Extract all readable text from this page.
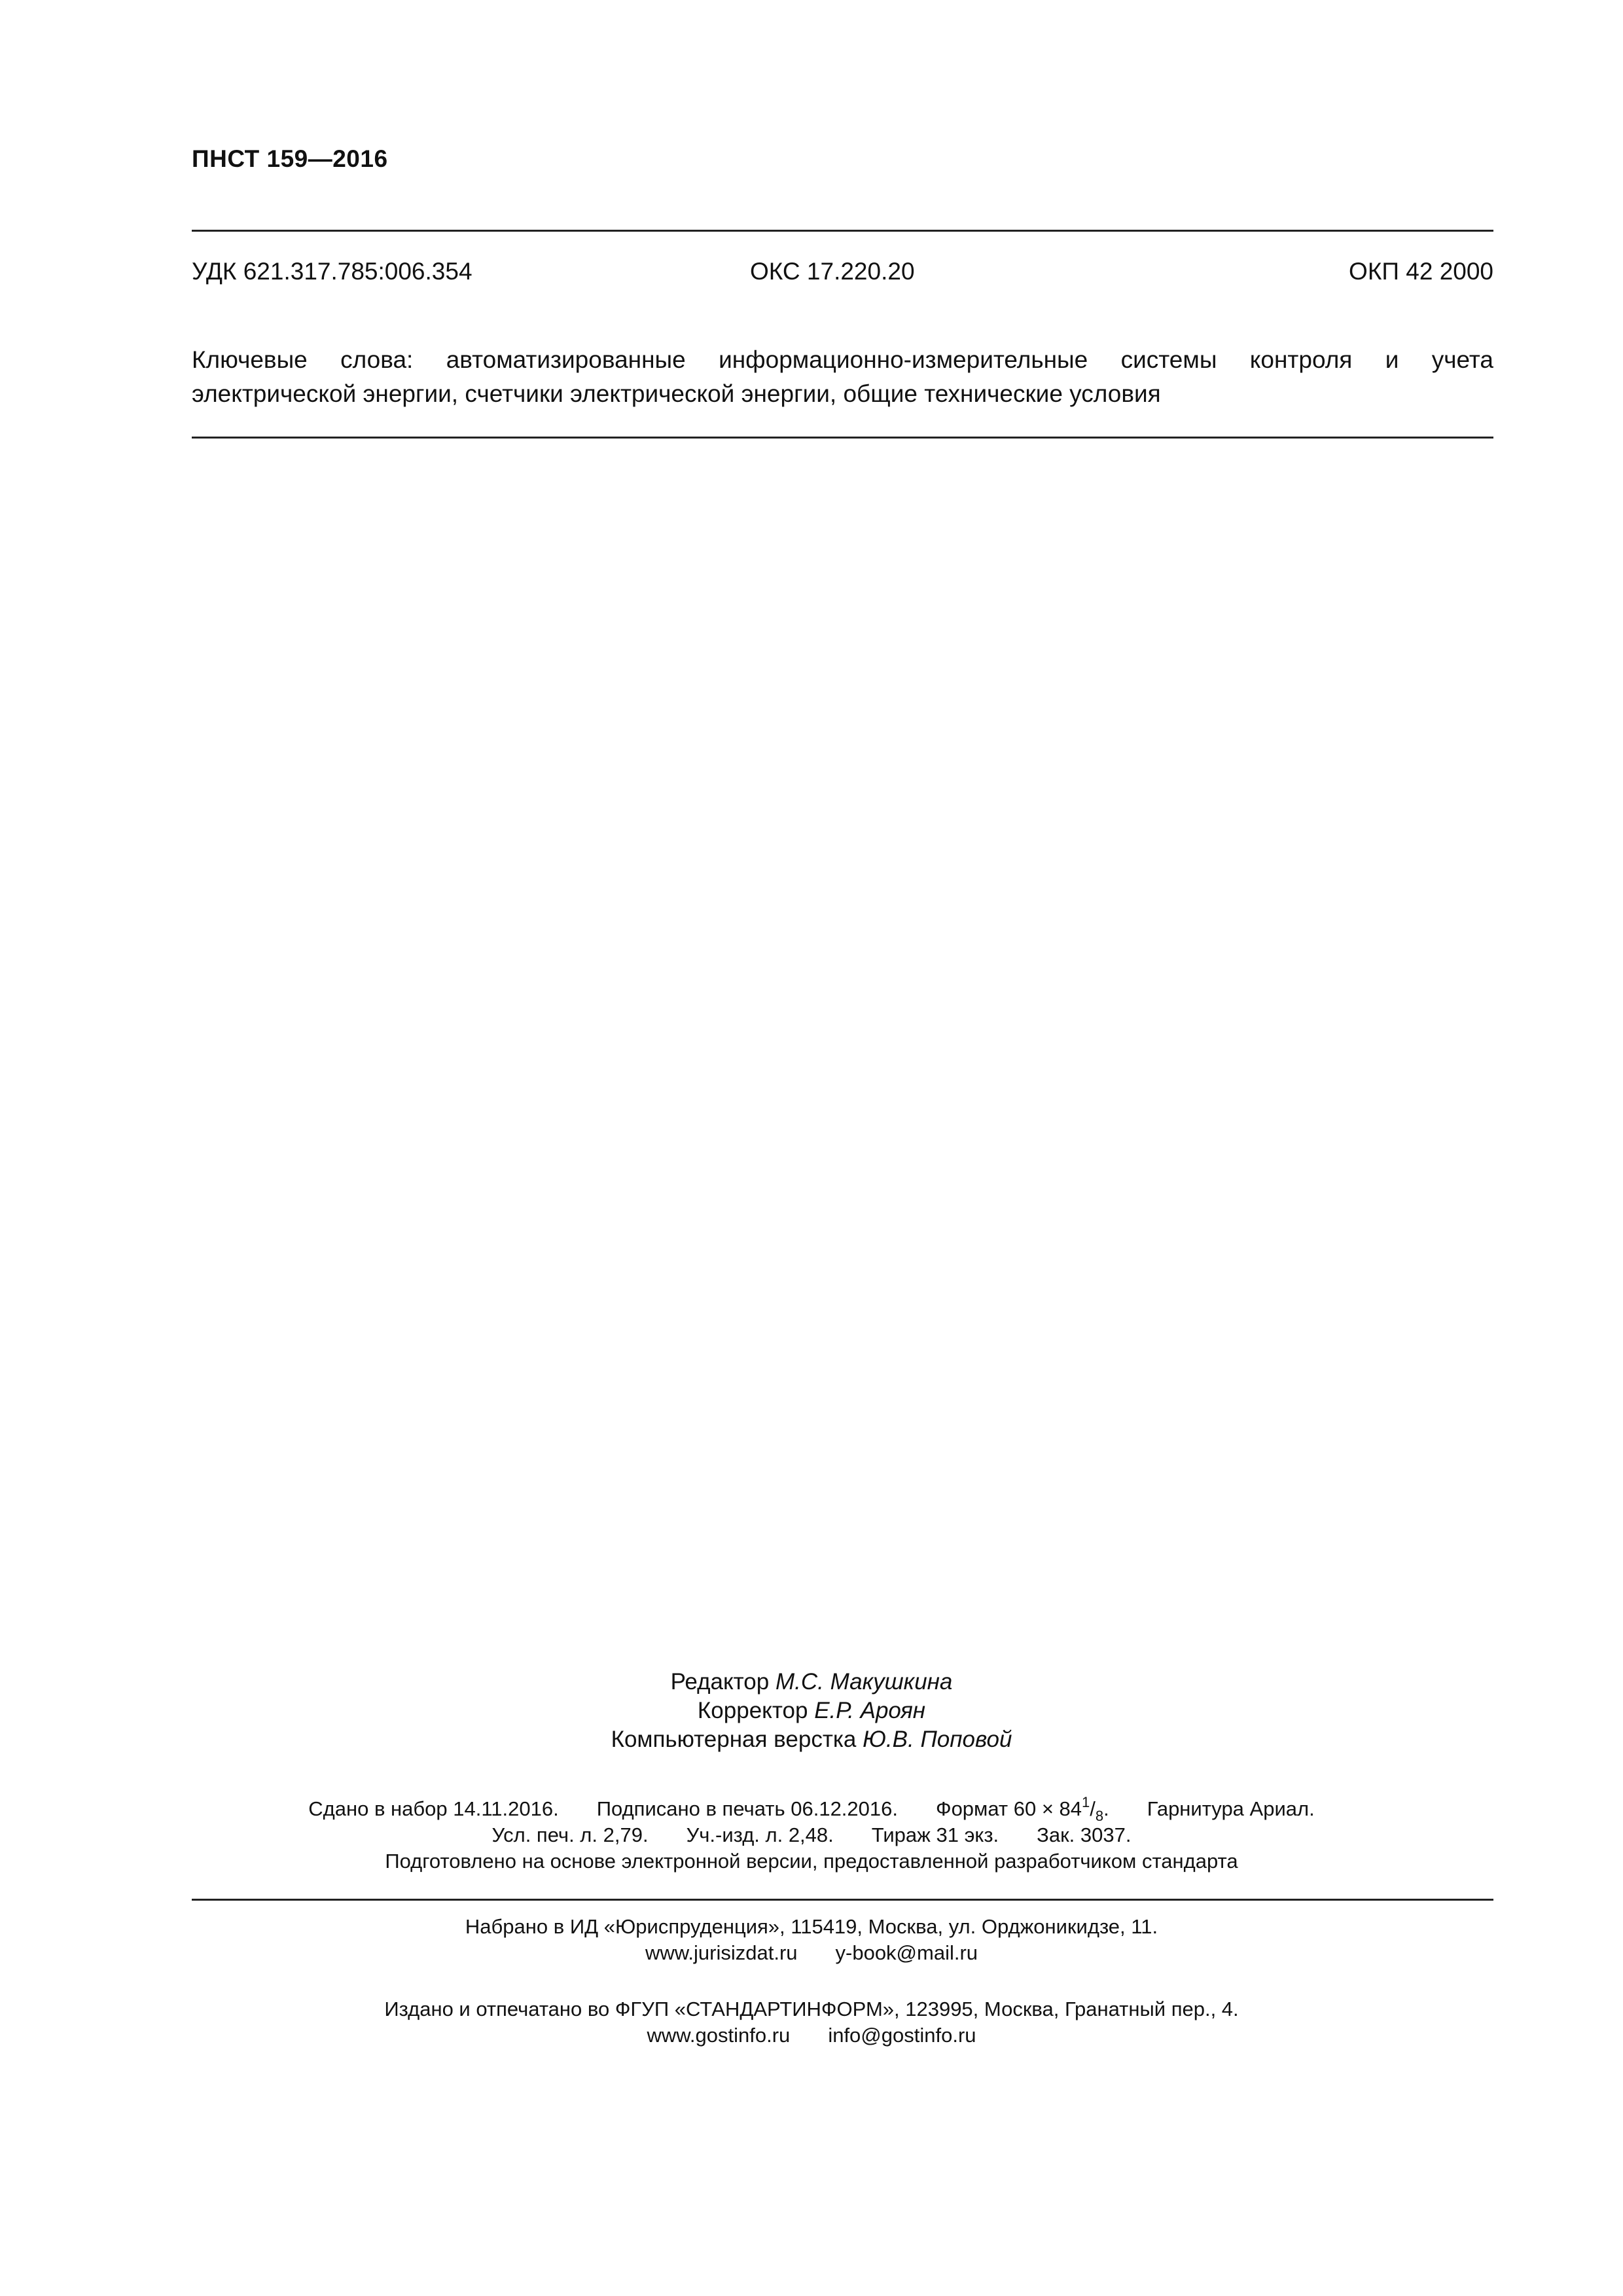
ПНСТ 159—2016
УДК 621.317.785:006.354	ОКС 17.220.20	ОКП 42 2000
Ключевые слова: автоматизированные информационно-измерительные системы контроля и учета
электрической энергии, счетчики электрической энергии, общие технические условия
Редактор М.С. Макушкина
Корректор Е.Р. Ароян
Компьютерная верстка Ю.В. Поповой
Сдано в набор 14.11.2016. Подписано в печать 06.12.2016. Формат $60 \times 84^1/_8$. Гарнитура Ариал.
Усл. печ. л. 2,79. Уч.-изд. л. 2,48. Тираж 31 экз. Зак. 3037.
Подготовлено на основе электронной версии, предоставленной разработчиком стандарта
Набрано в ИД «Юриспруденция», 115419, Москва, ул. Орджоникидзе, 11.
www.jurisizdat.ru y-book@mail.ru
Издано и отпечатано во ФГУП «СТАНДАРТИНФОРМ», 123995, Москва, Гранатный пер., 4.
www.gostinfo.ru info@gostinfo.ru
